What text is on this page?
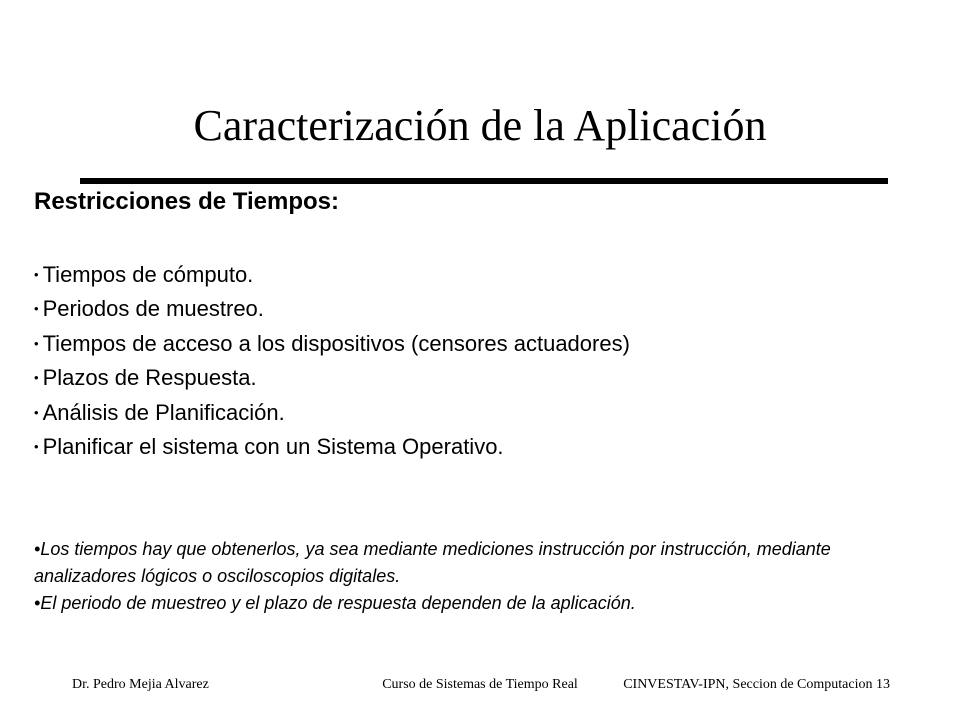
Caracterización de la Aplicación
Restricciones de Tiempos:
• Tiempos de cómputo.
• Periodos de muestreo.
• Tiempos de acceso a los dispositivos (censores actuadores)
• Plazos de Respuesta.
• Análisis de Planificación.
• Planificar el sistema con un Sistema Operativo.

•Los tiempos hay que obtenerlos, ya sea mediante mediciones instrucción por instrucción, mediante analizadores lógicos o osciloscopios digitales.

•El periodo de muestreo y el plazo de respuesta dependen de la aplicación.

Dr. Pedro Mejia Alvarez	Curso de Sistemas de Tiempo Real	CINVESTAV-IPN, Seccion de Computacion 13
